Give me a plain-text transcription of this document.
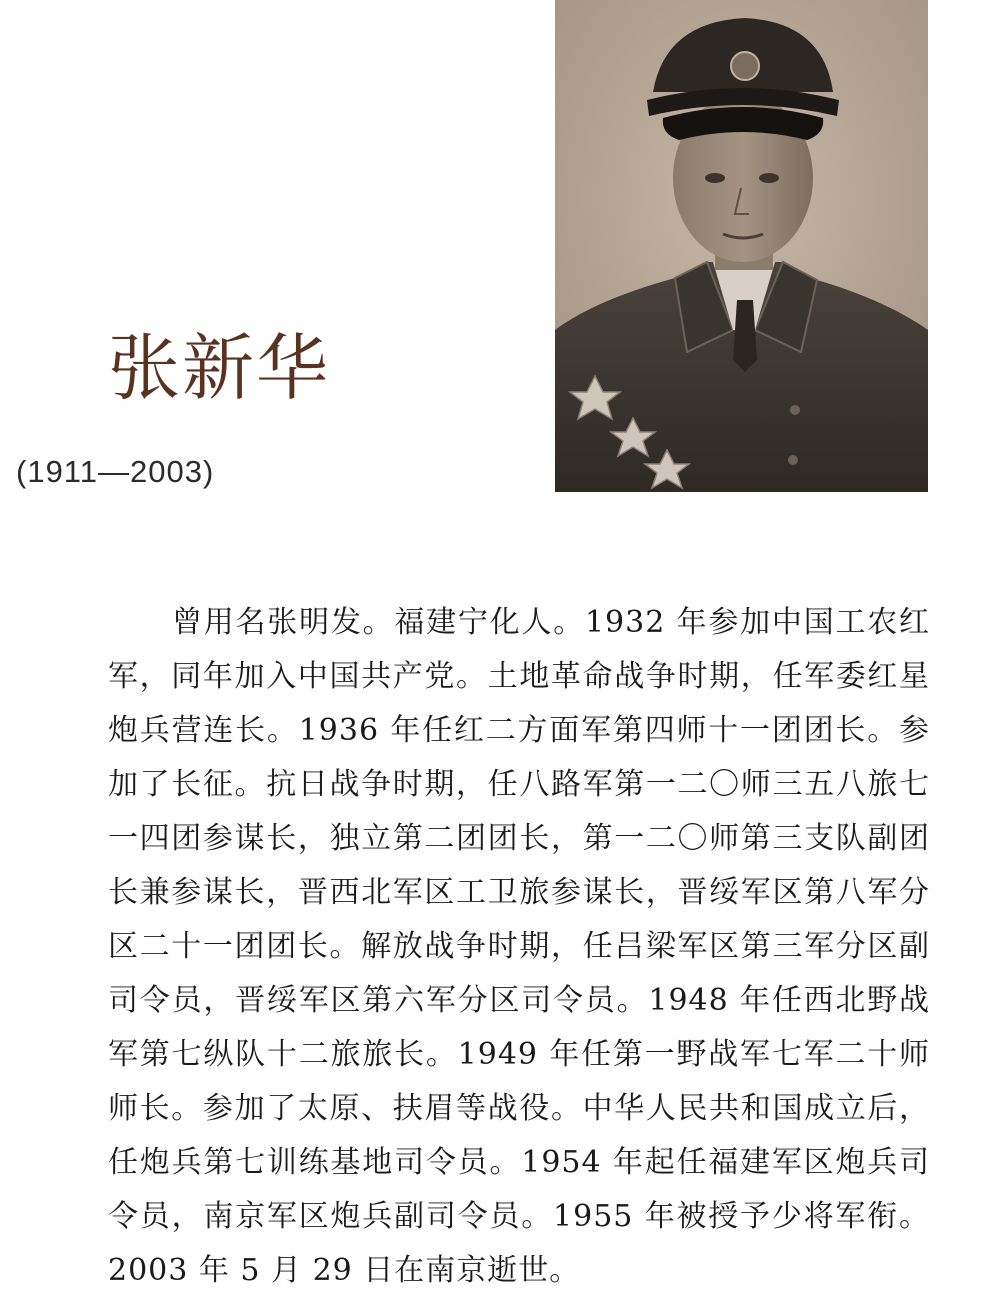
张新华
(1911—2003)

曾用名张明发。福建宁化人。1932 年参加中国工农红军，同年加入中国共产党。土地革命战争时期，任军委红星炮兵营连长。1936 年任红二方面军第四师十一团团长。参加了长征。抗日战争时期，任八路军第一二〇师三五八旅七一四团参谋长，独立第二团团长，第一二〇师第三支队副团长兼参谋长，晋西北军区工卫旅参谋长，晋绥军区第八军分区二十一团团长。解放战争时期，任吕梁军区第三军分区副司令员，晋绥军区第六军分区司令员。1948 年任西北野战军第七纵队十二旅旅长。1949 年任第一野战军七军二十师师长。参加了太原、扶眉等战役。中华人民共和国成立后，任炮兵第七训练基地司令员。1954 年起任福建军区炮兵司令员，南京军区炮兵副司令员。1955 年被授予少将军衔。2003 年 5 月 29 日在南京逝世。
